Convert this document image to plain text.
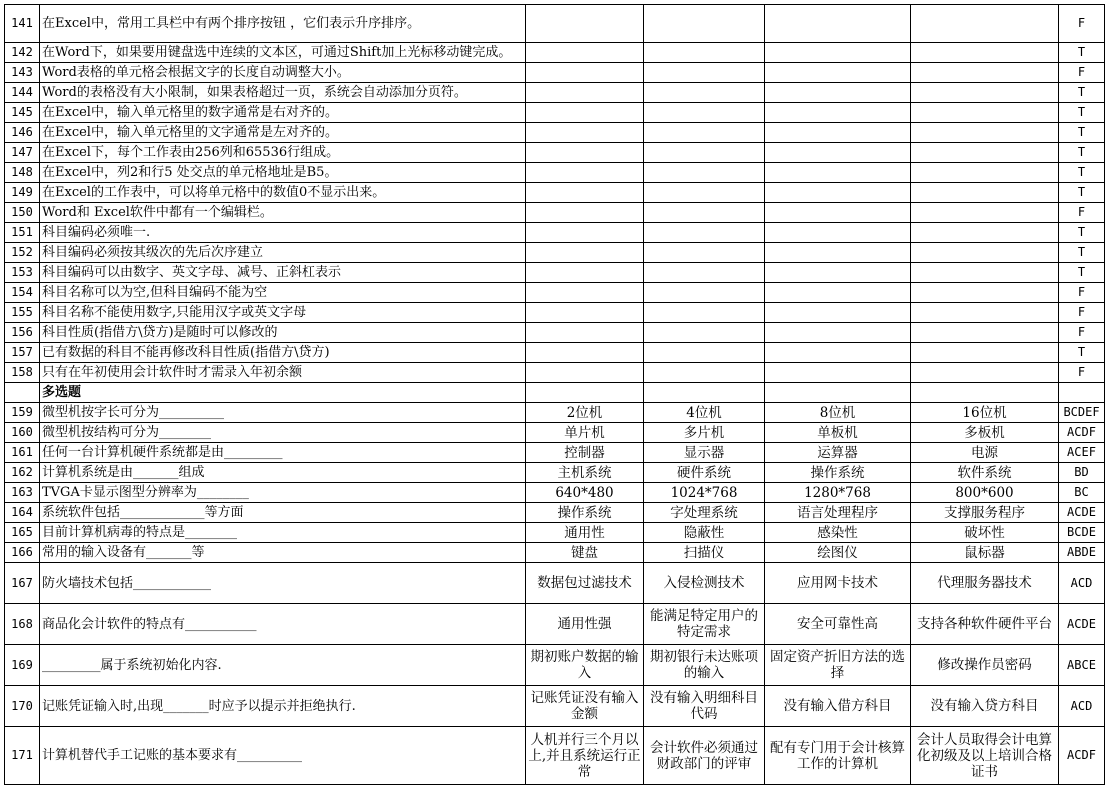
141	在Excel中，常用工具栏中有两个排序按钮 ，它们表示升序排序。					F
142	在Word下，如果要用键盘选中连续的文本区，可通过Shift加上光标移动键完成。					T
143	Word表格的单元格会根据文字的长度自动调整大小。					F
144	Word的表格没有大小限制，如果表格超过一页，系统会自动添加分页符。					T
145	在Excel中，输入单元格里的数字通常是右对齐的。					T
146	在Excel中，输入单元格里的文字通常是左对齐的。					T
147	在Excel下，每个工作表由256列和65536行组成。					T
148	在Excel中，列2和行5 处交点的单元格地址是B5。					T
149	在Excel的工作表中，可以将单元格中的数值0不显示出来。					T
150	Word和 Excel软件中都有一个编辑栏。					F
151	科目编码必须唯一.					T
152	科目编码必须按其级次的先后次序建立					T
153	科目编码可以由数字、英文字母、减号、正斜杠表示					T
154	科目名称可以为空,但科目编码不能为空					F
155	科目名称不能使用数字,只能用汉字或英文字母					F
156	科目性质(指借方\贷方)是随时可以修改的					F
157	已有数据的科目不能再修改科目性质(指借方\贷方)					T
158	只有在年初使用会计软件时才需录入年初余额					F
	多选题					
159	微型机按字长可分为__________	2位机	4位机	8位机	16位机	BCDEF
160	微型机按结构可分为________	单片机	多片机	单板机	多板机	ACDF
161	任何一台计算机硬件系统都是由_________	控制器	显示器	运算器	电源	ACEF
162	计算机系统是由_______组成	主机系统	硬件系统	操作系统	软件系统	BD
163	TVGA卡显示图型分辨率为________	640*480	1024*768	1280*768	800*600	BC
164	系统软件包括_____________等方面	操作系统	字处理系统	语言处理程序	支撑服务程序	ACDE
165	目前计算机病毒的特点是________	通用性	隐蔽性	感染性	破坏性	BCDE
166	常用的输入设备有_______等	键盘	扫描仪	绘图仪	鼠标器	ABDE
167	防火墙技术包括____________	数据包过滤技术	入侵检测技术	应用网卡技术	代理服务器技术	ACD
168	商品化会计软件的特点有___________	通用性强	能满足特定用户的特定需求	安全可靠性高	支持各种软件硬件平台	ACDE
169	_________属于系统初始化内容.	期初账户数据的输入	期初银行未达账项的输入	固定资产折旧方法的选择	修改操作员密码	ABCE
170	记账凭证输入时,出现_______时应予以提示并拒绝执行.	记账凭证没有输入金额	没有输入明细科目代码	没有输入借方科目	没有输入贷方科目	ACD
171	计算机替代手工记账的基本要求有__________	人机并行三个月以上,并且系统运行正常	会计软件必须通过财政部门的评审	配有专门用于会计核算工作的计算机	会计人员取得会计电算化初级及以上培训合格证书	ACDF
